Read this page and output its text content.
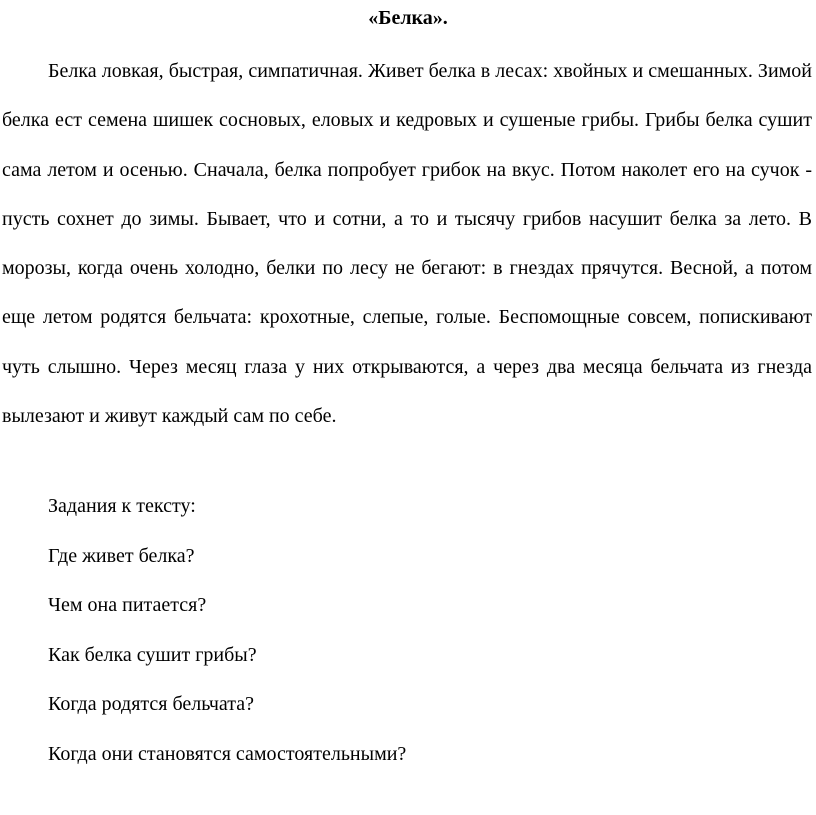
«Белка».

Белка ловкая, быстрая, симпатичная. Живет белка в лесах: хвойных и смешанных. Зимой белка ест семена шишек сосновых, еловых и кедровых и сушеные грибы. Грибы белка сушит сама летом и осенью. Сначала, белка попробует грибок на вкус. Потом наколет его на сучок - пусть сохнет до зимы. Бывает, что и сотни, а то и тысячу грибов насушит белка за лето. В морозы, когда очень холодно, белки по лесу не бегают: в гнездах прячутся. Весной, а потом еще летом родятся бельчата: крохотные, слепые, голые. Беспомощные совсем, попискивают чуть слышно. Через месяц глаза у них открываются, а через два месяца бельчата из гнезда вылезают и живут каждый сам по себе.

Задания к тексту:
Где живет белка?
Чем она питается?
Как белка сушит грибы?
Когда родятся бельчата?
Когда они становятся самостоятельными?
